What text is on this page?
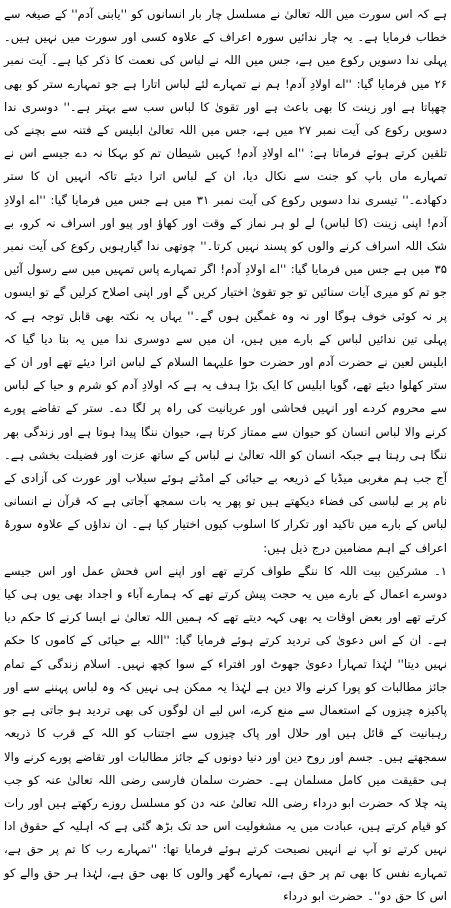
ہے کہ اس سورت میں اللہ تعالیٰ نے مسلسل چار بار انسانوں کو ''یابنی آدم'' کے صیغہ سے خطاب فرمایا ہے۔ یہ چار ندائیں سورہ اعراف کے علاوہ کسی اور سورت میں نہیں ہیں۔ پہلی ندا دسویں رکوع میں ہے، جس میں اللہ نے لباس کی نعمت کا ذکر کیا ہے۔ آیت نمبر ۲۶ میں فرمایا گیا: ''اے اولادِ آدم! ہم نے تمہارے لئے لباس اتارا ہے جو تمہارے ستر کو بھی چھپاتا ہے اور زینت کا بھی باعث ہے اور تقویٰ کا لباس سب سے بہتر ہے۔'' دوسری ندا دسویں رکوع کی آیت نمبر ۲۷ میں ہے، جس میں اللہ تعالیٰ ابلیس کے فتنہ سے بچنے کی تلقین کرتے ہوئے فرماتا ہے: ''اے اولادِ آدم! کہیں شیطان تم کو بہکا نہ دے جیسے اس نے تمہارے ماں باپ کو جنت سے نکال دیا، ان کے لباس اترا دیئے تاکہ انہیں ان کا ستر دکھادے۔'' تیسری ندا دسویں رکوع کی آیت نمبر ۳۱ میں ہے جس میں فرمایا گیا: ''اے اولادِ آدم! اپنی زینت (کا لباس) لے لو ہر نماز کے وقت اور کھاؤ اور پیو اور اسراف نہ کرو، بے شک اللہ اسراف کرنے والوں کو پسند نہیں کرتا۔'' چوتھی ندا گیارہویں رکوع کی آیت نمبر ۳۵ میں ہے جس میں فرمایا گیا: ''اے اولادِ آدم! اگر تمہارے پاس تمہیں میں سے رسول آئیں جو تم کو میری آیات سنائیں تو جو تقویٰ اختیار کریں گے اور اپنی اصلاح کرلیں گے تو ایسوں پر نہ کوئی خوف ہوگا اور نہ وہ غمگین ہوں گے۔'' یہاں یہ نکتہ بھی قابل توجہ ہے کہ پہلی تین ندائیں لباس کے بارے میں ہیں، ان میں سے دوسری ندا میں یہ بتا دیا گیا کہ ابلیس لعین نے حضرت آدم اور حضرت حوا علیہما السلام کے لباس اترا دیئے تھے اور ان کے ستر کھلوا دیئے تھے، گویا ابلیس کا ایک بڑا ہدف یہ ہے کہ اولادِ آدم کو شرم و حیا کے لباس سے محروم کردے اور انہیں فحاشی اور عریانیت کی راہ پر لگا دے۔ ستر کے تقاضے پورے کرنے والا لباس انسان کو حیوان سے ممتاز کرتا ہے، حیوان ننگا پیدا ہوتا ہے اور زندگی بھر ننگا ہی رہتا ہے جبکہ انسان کو اللہ تعالیٰ نے لباس کے ساتھ عزت اور فضیلت بخشی ہے۔ آج جب ہم مغربی میڈیا کے ذریعہ بے حیائی کے امڈتے ہوئے سیلاب اور عورت کی آزادی کے نام پر بے لباسی کی فضاء دیکھتے ہیں تو پھر یہ بات سمجھ آجاتی ہے کہ قرآن نے انسانی لباس کے بارے میں تاکید اور تکرار کا اسلوب کیوں اختیار کیا ہے۔ ان نداؤں کے علاوہ سورۂ اعراف کے اہم مضامین درج ذیل ہیں:

۱۔ مشرکین بیت اللہ کا ننگے طواف کرتے تھے اور اپنے اس فحش عمل اور اس جیسے دوسرے اعمال کے بارے میں یہ حجت پیش کرتے تھے کہ ہمارے آباء و اجداد بھی یوں ہی کیا کرتے تھے اور بعض اوقات یہ بھی کہہ دیتے تھے کہ ہمیں اللہ تعالیٰ نے ایسا کرنے کا حکم دیا ہے۔ ان کے اس دعویٰ کی تردید کرتے ہوئے فرمایا گیا: ''اللہ بے حیائی کے کاموں کا حکم نہیں دیتا'' لہٰذا تمہارا دعویٰ جھوٹ اور افتراء کے سوا کچھ نہیں۔ اسلام زندگی کے تمام جائز مطالبات کو پورا کرنے والا دین ہے لہٰذا یہ ممکن ہی نہیں کہ وہ لباس پہننے سے اور پاکیزہ چیزوں کے استعمال سے منع کرے، اس لیے ان لوگوں کی بھی تردید ہو جاتی ہے جو رہبانیت کے قائل ہیں اور حلال اور پاک چیزوں سے اجتناب کو اللہ کے قرب کا ذریعہ سمجھتے ہیں۔ جسم اور روح دین اور دنیا دونوں کے جائز مطالبات اور تقاضے پورے کرنے والا ہی حقیقت میں کامل مسلمان ہے۔ حضرت سلمان فارسی رضی اللہ تعالیٰ عنہ کو جب پتہ چلا کہ حضرت ابو درداء رضی اللہ تعالیٰ عنہ دن کو مسلسل روزے رکھتے ہیں اور رات کو قیام کرتے ہیں، عبادت میں یہ مشغولیت اس حد تک بڑھ گئی ہے کہ اہلیہ کے حقوق ادا نہیں کرتے تو آپ نے انہیں نصیحت کرتے ہوئے فرمایا تھا: ''تمہارے رب کا تم پر حق ہے، تمہارے نفس کا بھی تم پر حق ہے، تمہارے گھر والوں کا بھی حق ہے، لہٰذا ہر حق والے کو اس کا حق دو''۔ حضرت ابو درداء
